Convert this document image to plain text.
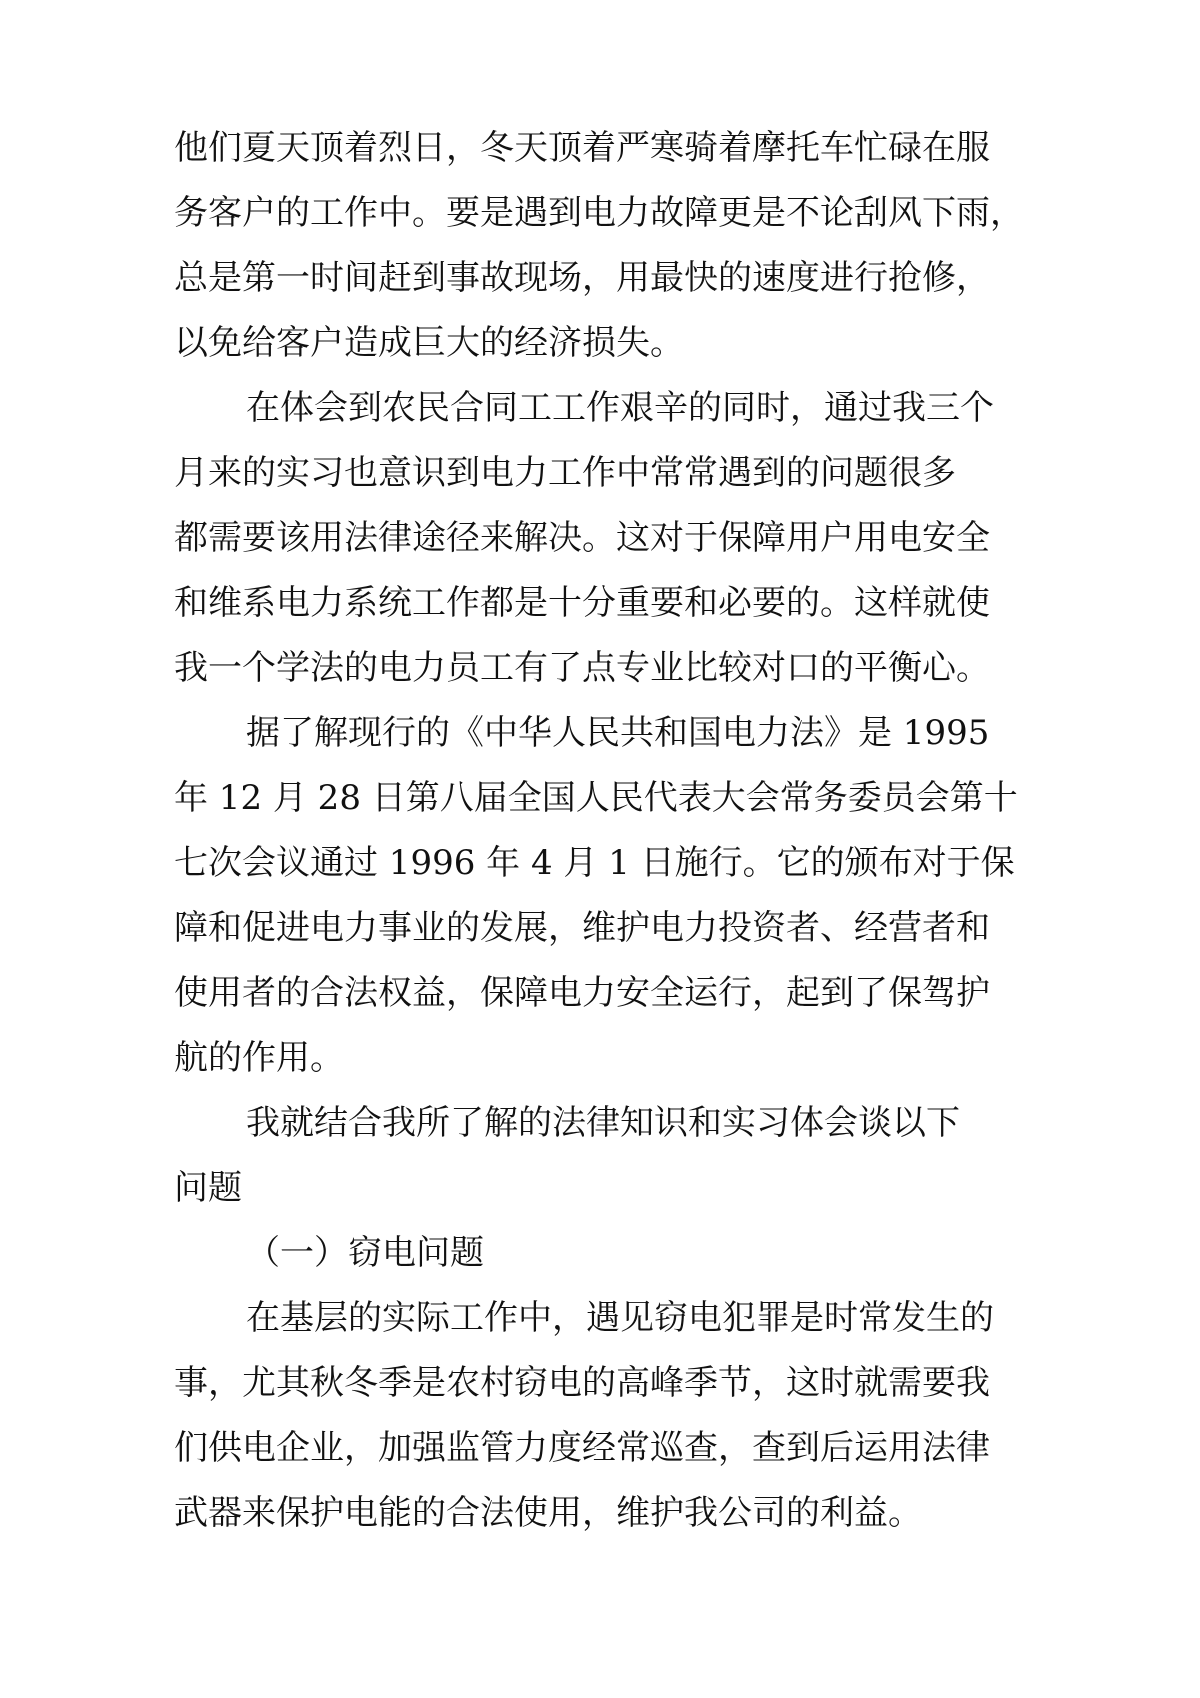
他们夏天顶着烈日，冬天顶着严寒骑着摩托车忙碌在服
务客户的工作中。要是遇到电力故障更是不论刮风下雨，
总是第一时间赶到事故现场，用最快的速度进行抢修，
以免给客户造成巨大的经济损失。
在体会到农民合同工工作艰辛的同时，通过我三个
月来的实习也意识到电力工作中常常遇到的问题很多
都需要该用法律途径来解决。这对于保障用户用电安全
和维系电力系统工作都是十分重要和必要的。这样就使
我一个学法的电力员工有了点专业比较对口的平衡心。
据了解现行的《中华人民共和国电力法》是 1995
年 12 月 28 日第八届全国人民代表大会常务委员会第十
七次会议通过 1996 年 4 月 1 日施行。它的颁布对于保
障和促进电力事业的发展，维护电力投资者、经营者和
使用者的合法权益，保障电力安全运行，起到了保驾护
航的作用。
我就结合我所了解的法律知识和实习体会谈以下
问题
（一）窃电问题
在基层的实际工作中，遇见窃电犯罪是时常发生的
事，尤其秋冬季是农村窃电的高峰季节，这时就需要我
们供电企业，加强监管力度经常巡查，查到后运用法律
武器来保护电能的合法使用，维护我公司的利益。
